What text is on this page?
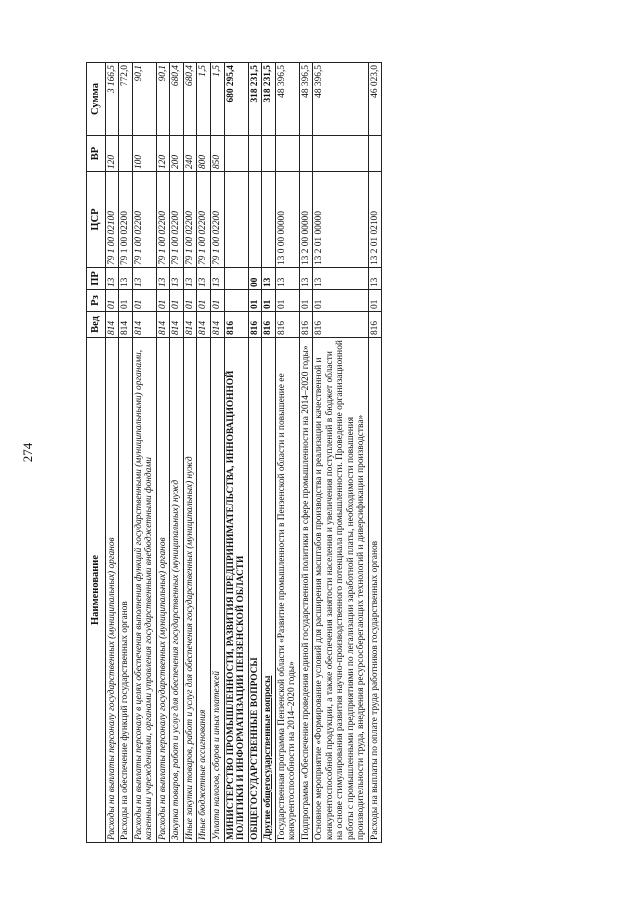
274
Наименование	Вед	Рз	ПР	ЦСР	ВР	Сумма
Расходы на выплаты персоналу государственных (муниципальных) органов	814	01	13	79 1 00 02100	120	3 166,5
Расходы на обеспечение функций государственных органов	814	01	13	79 1 00 02200		772,0
Расходы на выплаты персоналу в целях обеспечения выполнения функций государственными (муниципальными) органами, казенными учреждениями, органами управления государственными внебюджетными фондами	814	01	13	79 1 00 02200	100	90,1
Расходы на выплаты персоналу государственных (муниципальных) органов	814	01	13	79 1 00 02200	120	90,1
Закупка товаров, работ и услуг для обеспечения государственных (муниципальных) нужд	814	01	13	79 1 00 02200	200	680,4
Иные закупки товаров, работ и услуг для обеспечения государственных (муниципальных) нужд	814	01	13	79 1 00 02200	240	680,4
Иные бюджетные ассигнования	814	01	13	79 1 00 02200	800	1,5
Уплата налогов, сборов и иных платежей	814	01	13	79 1 00 02200	850	1,5
МИНИСТЕРСТВО ПРОМЫШЛЕННОСТИ, РАЗВИТИЯ ПРЕДПРИНИМАТЕЛЬСТВА, ИННОВАЦИОННОЙ ПОЛИТИКИ И ИНФОРМАТИЗАЦИИ ПЕНЗЕНСКОЙ ОБЛАСТИ	816					680 295,4
ОБЩЕГОСУДАРСТВЕННЫЕ ВОПРОСЫ	816	01	00			318 231,5
Другие общегосударственные вопросы	816	01	13			318 231,5
Государственная программа Пензенской области «Развитие промышленности в Пензенской области и повышение ее конкурентоспособности на 2014–2020 годы»	816	01	13	13 0 00 00000		48 396,5
Подпрограмма «Обеспечение проведения единой государственной политики в сфере промышленности на 2014–2020 годы»	816	01	13	13 2 00 00000		48 396,5
Основное мероприятие «Формирование условий для расширения масштабов производства и реализации качественной и конкурентоспособной продукции, а также обеспечения занятости населения и увеличения поступлений в бюджет области на основе стимулирования развития научно-производственного потенциала промышленности. Проведение организационной работы с промышленными предприятиями по легализации заработной платы, необходимости повышения производительности труда, внедрения ресурсосберегающих технологий и диверсификации производства»	816	01	13	13 2 01 00000		48 396,5
Расходы на выплаты по оплате труда работников государственных органов	816	01	13	13 2 01 02100		46 023,0
